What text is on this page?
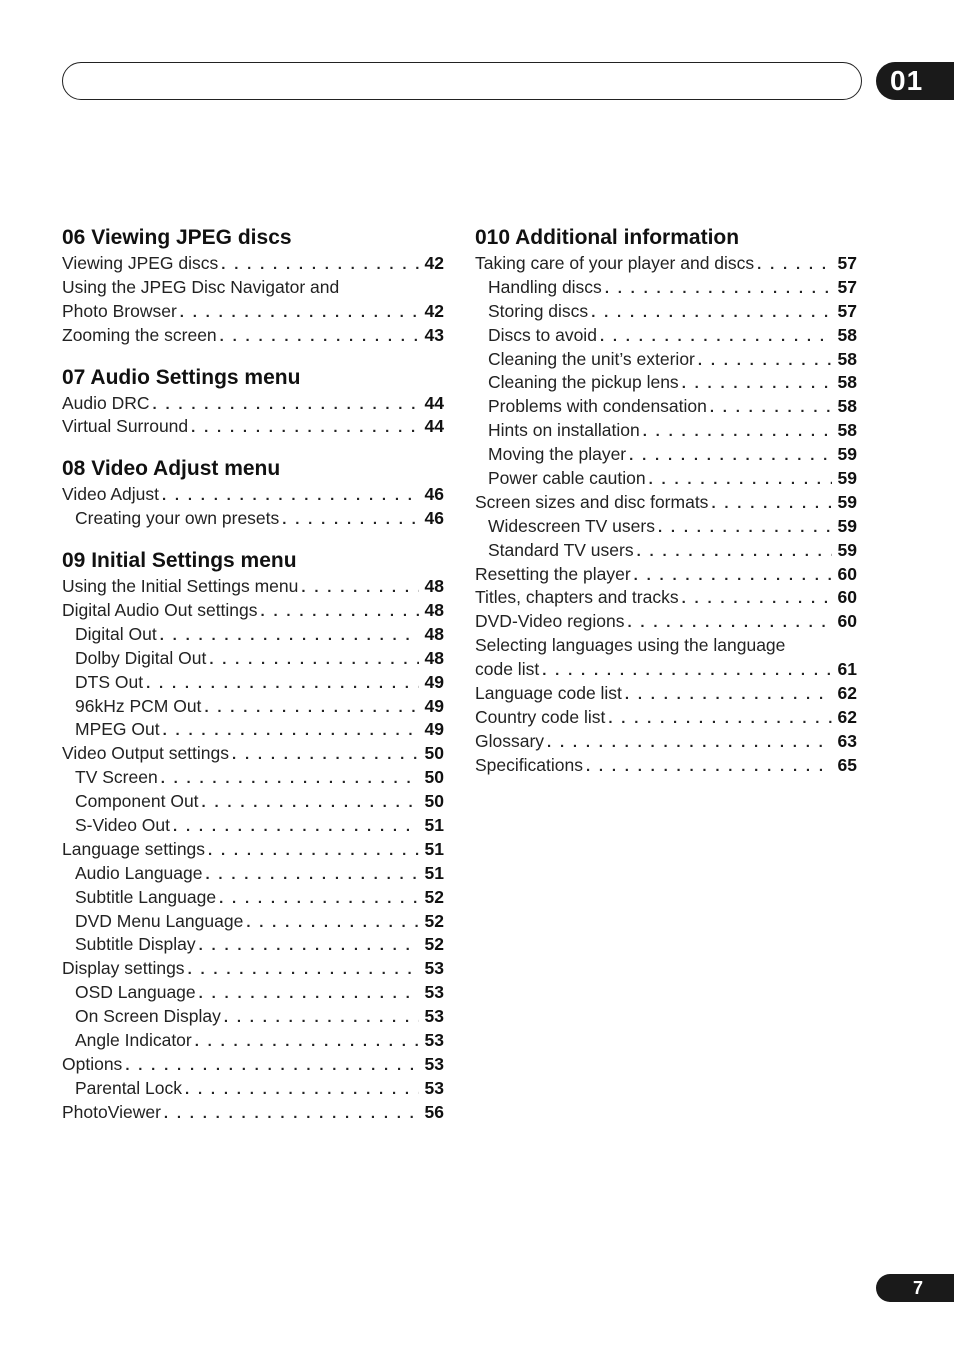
01
06 Viewing JPEG discs
Viewing JPEG discs . . .	42
Using the JPEG Disc Navigator and
Photo Browser . . .	42
Zooming the screen . . .	43
07 Audio Settings menu
Audio DRC . . .	44
Virtual Surround . . .	44
08 Video Adjust menu
Video Adjust . . .	46
Creating your own presets . . .	46
09 Initial Settings menu
Using the Initial Settings menu . . .	48
Digital Audio Out settings . . .	48
Digital Out . . .	48
Dolby Digital Out . . .	48
DTS Out . . .	49
96kHz PCM Out . . .	49
MPEG Out . . .	49
Video Output settings . . .	50
TV Screen . . .	50
Component Out . . .	50
S-Video Out . . .	51
Language settings . . .	51
Audio Language . . .	51
Subtitle Language . . .	52
DVD Menu Language . . .	52
Subtitle Display . . .	52
Display settings . . .	53
OSD Language . . .	53
On Screen Display . . .	53
Angle Indicator . . .	53
Options . . .	53
Parental Lock . . .	53
PhotoViewer . . .	56
010 Additional information
Taking care of your player and discs . . .	57
Handling discs . . .	57
Storing discs . . .	57
Discs to avoid . . .	58
Cleaning the unit’s exterior . . .	58
Cleaning the pickup lens . . .	58
Problems with condensation . . .	58
Hints on installation . . .	58
Moving the player . . .	59
Power cable caution . . .	59
Screen sizes and disc formats . . .	59
Widescreen TV users . . .	59
Standard TV users . . .	59
Resetting the player . . .	60
Titles, chapters and tracks . . .	60
DVD-Video regions . . .	60
Selecting languages using the language
code list . . .	61
Language code list . . .	62
Country code list . . .	62
Glossary . . .	63
Specifications . . .	65
7
